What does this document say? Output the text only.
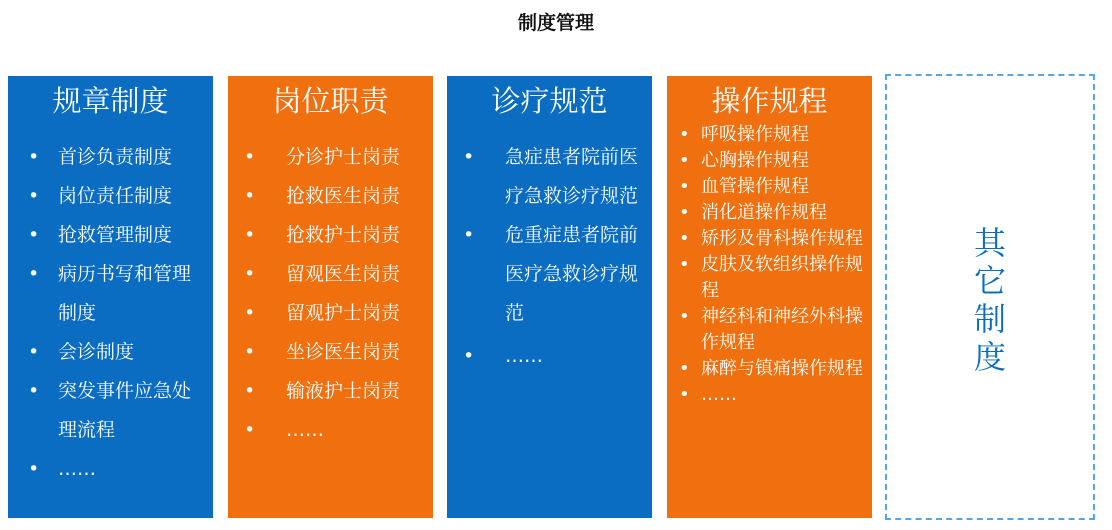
制度管理
规章制度
• 首诊负责制度
• 岗位责任制度
• 抢救管理制度
• 病历书写和管理制度
• 会诊制度
• 突发事件应急处理流程
• ……
岗位职责
• 分诊护士岗责
• 抢救医生岗责
• 抢救护士岗责
• 留观医生岗责
• 留观护士岗责
• 坐诊医生岗责
• 输液护士岗责
• ……
诊疗规范
• 急症患者院前医疗急救诊疗规范
• 危重症患者院前医疗急救诊疗规范
• ……
操作规程
• 呼吸操作规程
• 心胸操作规程
• 血管操作规程
• 消化道操作规程
• 矫形及骨科操作规程
• 皮肤及软组织操作规程
• 神经科和神经外科操作规程
• 麻醉与镇痛操作规程
• ……
其它制度
